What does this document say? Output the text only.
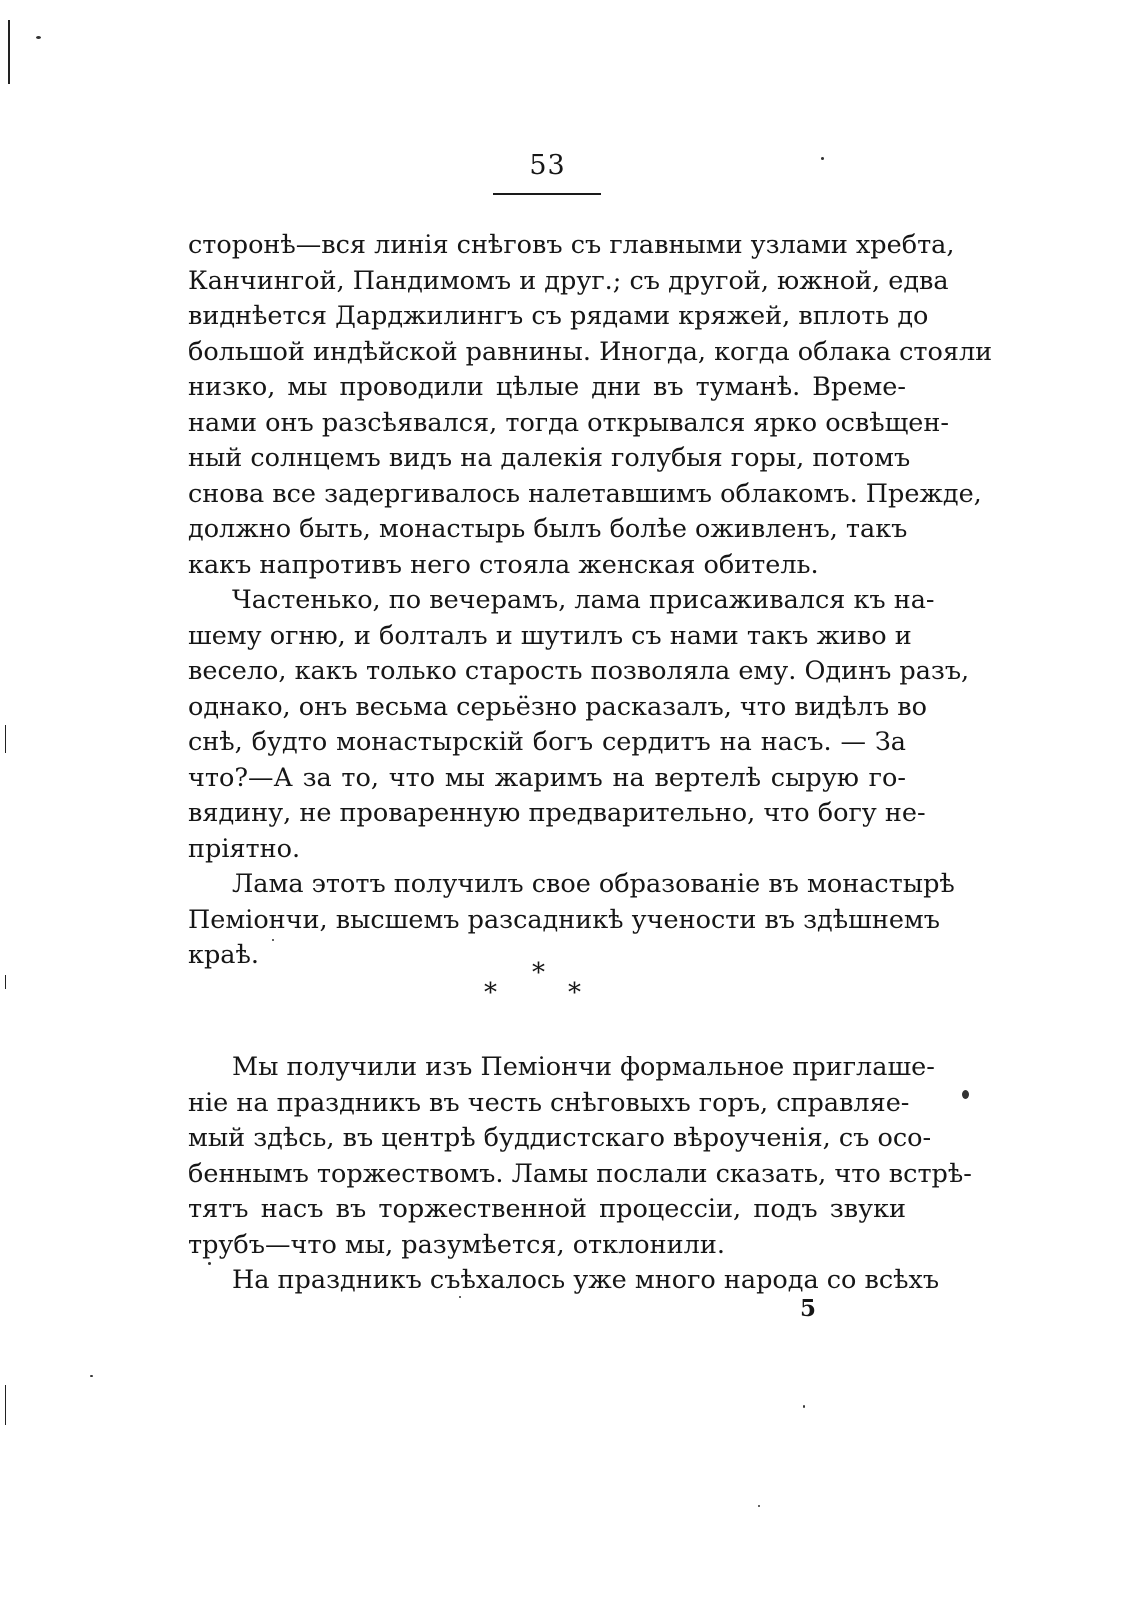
53
сторонѣ—вся линія снѣговъ съ главными узлами хребта,
Канчингой, Пандимомъ и друг.; съ другой, южной, едва
виднѣется Дарджилингъ съ рядами кряжей, вплоть до
большой индѣйской равнины. Иногда, когда облака стояли
низко, мы проводили цѣлые дни въ туманѣ. Време-
нами онъ разсѣявался, тогда открывался ярко освѣщен-
ный солнцемъ видъ на далекія голубыя горы, потомъ
снова все задергивалось налетавшимъ облакомъ. Прежде,
должно быть, монастырь былъ болѣе оживленъ, такъ
какъ напротивъ него стояла женская обитель.
Частенько, по вечерамъ, лама присаживался къ на-
шему огню, и болталъ и шутилъ съ нами такъ живо и
весело, какъ только старость позволяла ему. Одинъ разъ,
однако, онъ весьма серьёзно расказалъ, что видѣлъ во
снѣ, будто монастырскій богъ сердитъ на насъ. — За
что?—А за то, что мы жаримъ на вертелѣ сырую го-
вядину, не проваренную предварительно, что богу не-
пріятно.
Лама этотъ получилъ свое образованіе въ монастырѣ
Пеміончи, высшемъ разсадникѣ учености въ здѣшнемъ
краѣ.
*
*	*
Мы получили изъ Пеміончи формальное приглаше-
ніе на праздникъ въ честь снѣговыхъ горъ, справляе-
мый здѣсь, въ центрѣ буддистскаго вѣроученія, съ осо-
беннымъ торжествомъ. Ламы послали сказать, что встрѣ-
тятъ насъ въ торжественной процессіи, подъ звуки
трубъ—что мы, разумѣется, отклонили.
На праздникъ съѣхалось уже много народа со всѣхъ
5
